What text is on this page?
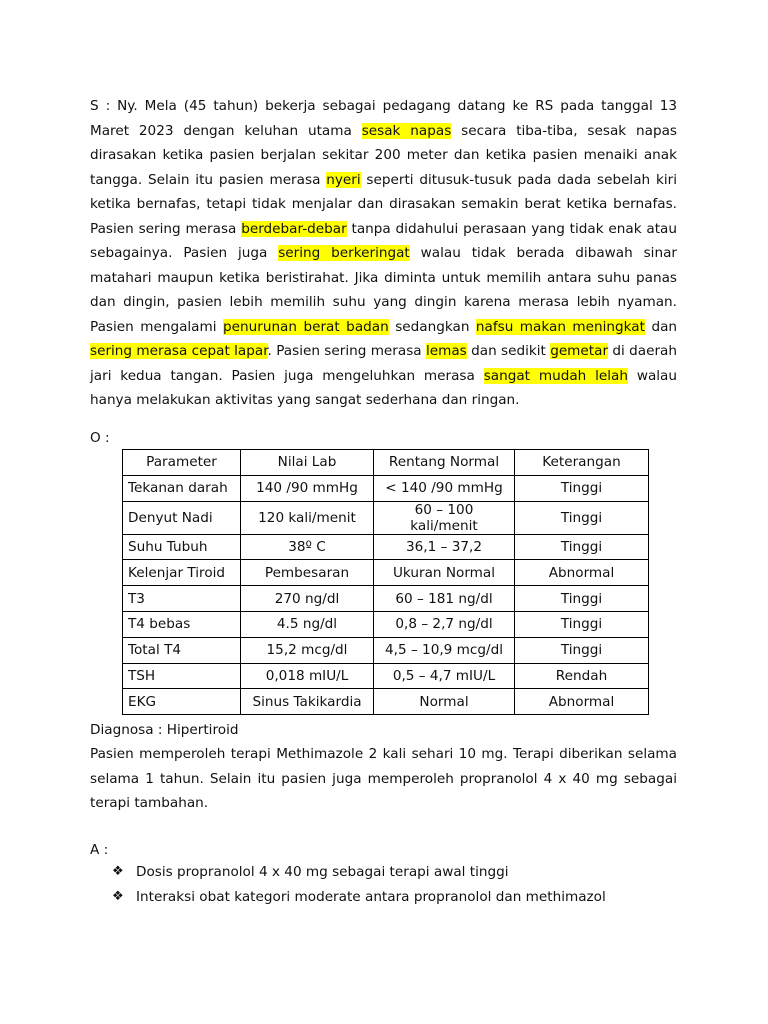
S : Ny. Mela (45 tahun) bekerja sebagai pedagang datang ke RS pada tanggal 13 Maret 2023 dengan keluhan utama sesak napas secara tiba-tiba, sesak napas dirasakan ketika pasien berjalan sekitar 200 meter dan ketika pasien menaiki anak tangga. Selain itu pasien merasa nyeri seperti ditusuk-tusuk pada dada sebelah kiri ketika bernafas, tetapi tidak menjalar dan dirasakan semakin berat ketika bernafas. Pasien sering merasa berdebar-debar tanpa didahului perasaan yang tidak enak atau sebagainya. Pasien juga sering berkeringat walau tidak berada dibawah sinar matahari maupun ketika beristirahat. Jika diminta untuk memilih antara suhu panas dan dingin, pasien lebih memilih suhu yang dingin karena merasa lebih nyaman. Pasien mengalami penurunan berat badan sedangkan nafsu makan meningkat dan sering merasa cepat lapar. Pasien sering merasa lemas dan sedikit gemetar di daerah jari kedua tangan. Pasien juga mengeluhkan merasa sangat mudah lelah walau hanya melakukan aktivitas yang sangat sederhana dan ringan.
O :
Parameter	Nilai Lab	Rentang Normal	Keterangan
Tekanan darah	140 /90 mmHg	< 140 /90 mmHg	Tinggi
Denyut Nadi	120 kali/menit	60 – 100 kali/menit	Tinggi
Suhu Tubuh	38º C	36,1 – 37,2	Tinggi
Kelenjar Tiroid	Pembesaran	Ukuran Normal	Abnormal
T3	270 ng/dl	60 – 181 ng/dl	Tinggi
T4 bebas	4.5 ng/dl	0,8 – 2,7 ng/dl	Tinggi
Total T4	15,2 mcg/dl	4,5 – 10,9 mcg/dl	Tinggi
TSH	0,018 mIU/L	0,5 – 4,7 mIU/L	Rendah
EKG	Sinus Takikardia	Normal	Abnormal
Diagnosa : Hipertiroid
Pasien memperoleh terapi Methimazole 2 kali sehari 10 mg. Terapi diberikan selama selama 1 tahun. Selain itu pasien juga memperoleh propranolol 4 x 40 mg sebagai terapi tambahan.
A :
❖ Dosis propranolol 4 x 40 mg sebagai terapi awal tinggi
❖ Interaksi obat kategori moderate antara propranolol dan methimazol
